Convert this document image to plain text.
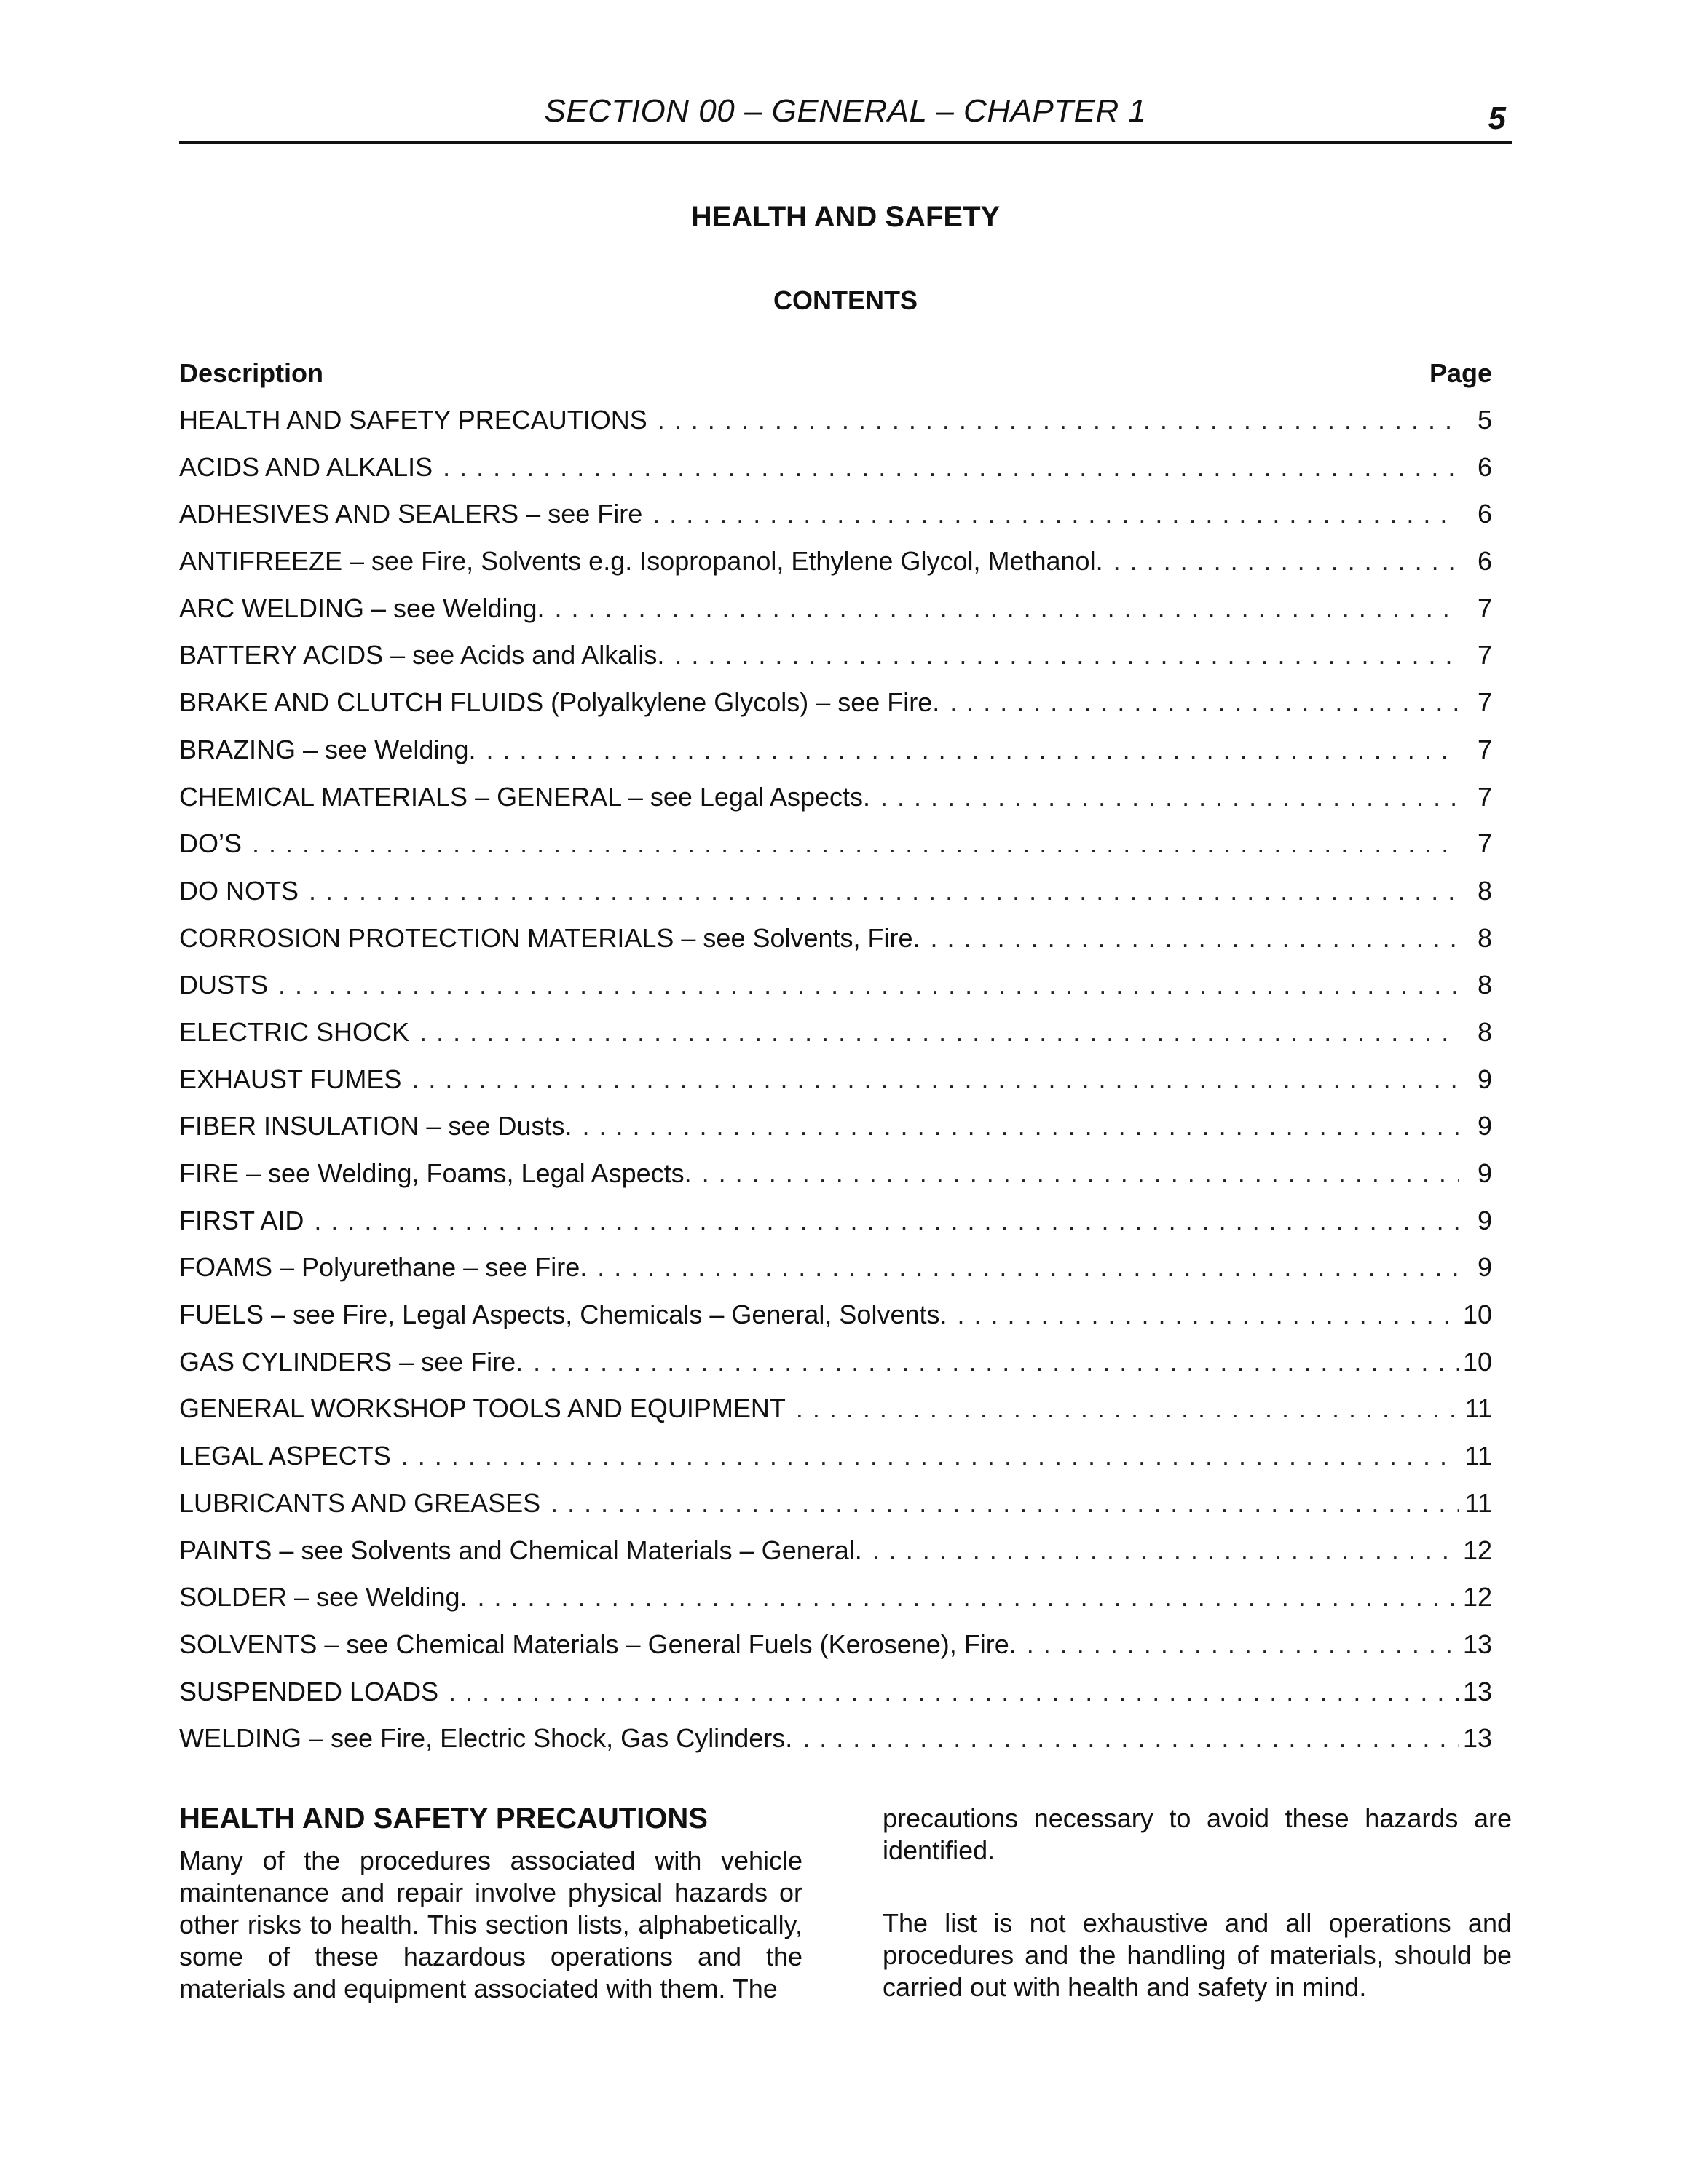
SECTION 00 – GENERAL – CHAPTER 1	5
HEALTH AND SAFETY
CONTENTS
Description	Page
HEALTH AND SAFETY PRECAUTIONS . . .	5
ACIDS AND ALKALIS . . .	6
ADHESIVES AND SEALERS – see Fire . . .	6
ANTIFREEZE – see Fire, Solvents e.g. Isopropanol, Ethylene Glycol, Methanol. . . .	6
ARC WELDING – see Welding. . . .	7
BATTERY ACIDS – see Acids and Alkalis. . . .	7
BRAKE AND CLUTCH FLUIDS (Polyalkylene Glycols) – see Fire. . . .	7
BRAZING – see Welding. . . .	7
CHEMICAL MATERIALS – GENERAL – see Legal Aspects. . . .	7
DO’S . . .	7
DO NOTS . . .	8
CORROSION PROTECTION MATERIALS – see Solvents, Fire. . . .	8
DUSTS . . .	8
ELECTRIC SHOCK . . .	8
EXHAUST FUMES . . .	9
FIBER INSULATION – see Dusts. . . .	9
FIRE – see Welding, Foams, Legal Aspects. . . .	9
FIRST AID . . .	9
FOAMS – Polyurethane – see Fire. . . .	9
FUELS – see Fire, Legal Aspects, Chemicals – General, Solvents. . . .	10
GAS CYLINDERS – see Fire. . . .	10
GENERAL WORKSHOP TOOLS AND EQUIPMENT . . .	11
LEGAL ASPECTS . . .	11
LUBRICANTS AND GREASES . . .	11
PAINTS – see Solvents and Chemical Materials – General. . . .	12
SOLDER – see Welding. . . .	12
SOLVENTS – see Chemical Materials – General Fuels (Kerosene), Fire. . . .	13
SUSPENDED LOADS . . .	13
WELDING – see Fire, Electric Shock, Gas Cylinders. . . .	13
HEALTH AND SAFETY PRECAUTIONS

Many of the procedures associated with vehicle maintenance and repair involve physical hazards or other risks to health. This section lists, alphabetically, some of these hazardous operations and the materials and equipment associated with them. The

precautions necessary to avoid these hazards are identified.

The list is not exhaustive and all operations and procedures and the handling of materials, should be carried out with health and safety in mind.
